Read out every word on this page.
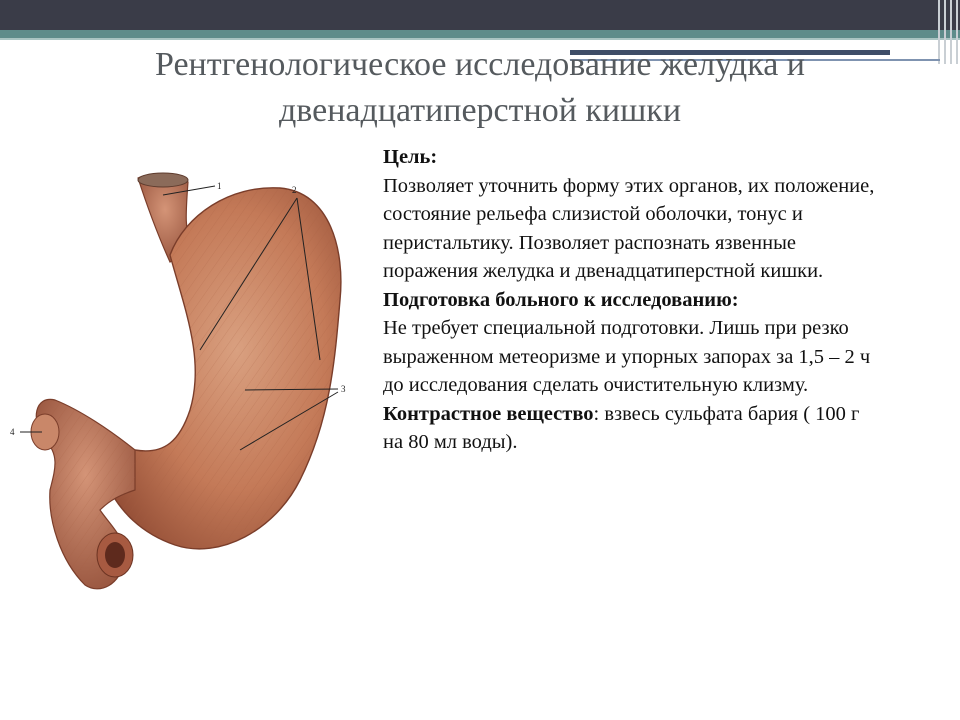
Рентгенологическое исследование желудка и двенадцатиперстной кишки
1	2
3
4

Цель:

Позволяет уточнить форму этих органов, их положение, состояние рельефа слизистой оболочки, тонус и перистальтику. Позволяет распознать язвенные поражения желудка и двенадцатиперстной кишки.

Подготовка больного к исследованию:

Не требует специальной подготовки. Лишь при резко выраженном метеоризме и упорных запорах за 1,5 – 2 ч до исследования сделать очистительную клизму.

Контрастное вещество: взвесь сульфата бария ( 100 г на 80 мл воды).
